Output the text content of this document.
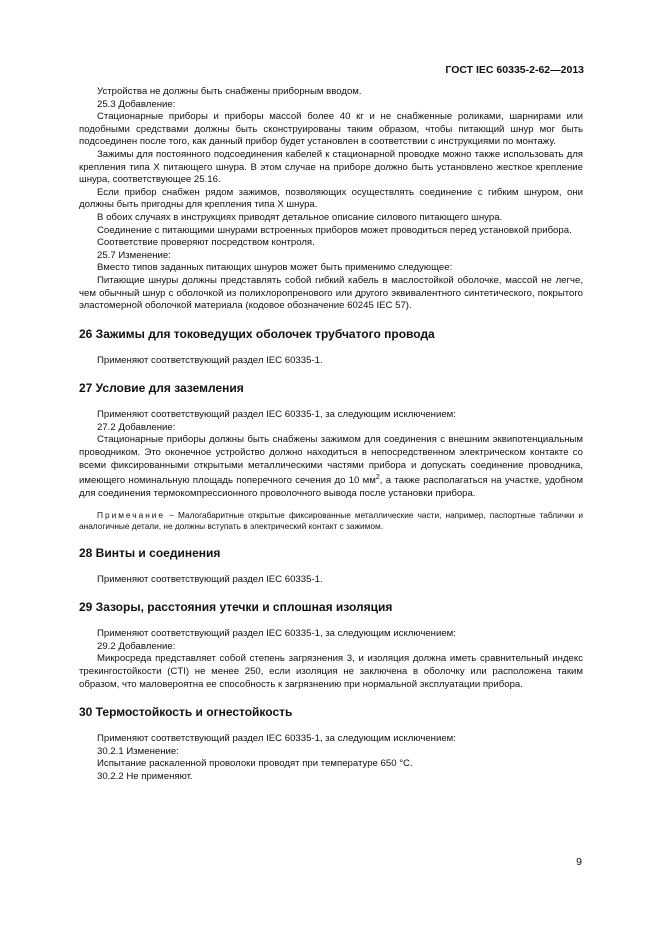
ГОСТ IEC 60335-2-62—2013

Устройства не должны быть снабжены приборным вводом.

25.3 Добавление:

Стационарные приборы и приборы массой более 40 кг и не снабженные роликами, шарнирами или подобными средствами должны быть сконструированы таким образом, чтобы питающий шнур мог быть подсоединен после того, как данный прибор будет установлен в соответствии с инструкциями по монтажу.

Зажимы для постоянного подсоединения кабелей к стационарной проводке можно также использовать для крепления типа X питающего шнура. В этом случае на приборе должно быть установлено жесткое крепление шнура, соответствующее 25.16.

Если прибор снабжен рядом зажимов, позволяющих осуществлять соединение с гибким шнуром, они должны быть пригодны для крепления типа X шнура.

В обоих случаях в инструкциях приводят детальное описание силового питающего шнура.

Соединение с питающими шнурами встроенных приборов может проводиться перед установкой прибора.

Соответствие проверяют посредством контроля.

25.7 Изменение:

Вместо типов заданных питающих шнуров может быть применимо следующее:

Питающие шнуры должны представлять собой гибкий кабель в маслостойкой оболочке, массой не легче, чем обычный шнур с оболочкой из полихлоропренового или другого эквивалентного синтетического, покрытого эластомерной оболочкой материала (кодовое обозначение 60245 IEC 57).

26 Зажимы для токоведущих оболочек трубчатого провода

Применяют соответствующий раздел IEC 60335-1.

27 Условие для заземления

Применяют соответствующий раздел IEC 60335-1, за следующим исключением:

27.2 Добавление:

Стационарные приборы должны быть снабжены зажимом для соединения с внешним эквипотенциальным проводником. Это оконечное устройство должно находиться в непосредственном электрическом контакте со всеми фиксированными открытыми металлическими частями прибора и допускать соединение проводника, имеющего номинальную площадь поперечного сечения до 10 $мм^2$, а также располагаться на участке, удобном для соединения термокомпрессионного проволочного вывода после установки прибора.

Примечание − Малогабаритные открытые фиксированные металлические части, например, паспортные таблички и аналогичные детали, не должны вступать в электрический контакт с зажимом.

28 Винты и соединения

Применяют соответствующий раздел IEC 60335-1.

29 Зазоры, расстояния утечки и сплошная изоляция

Применяют соответствующий раздел IEC 60335-1, за следующим исключением:

29.2 Добавление:

Микросреда представляет собой степень загрязнения 3, и изоляция должна иметь сравнительный индекс трекингостойкости (CTI) не менее 250, если изоляция не заключена в оболочку или расположена таким образом, что маловероятна ее способность к загрязнению при нормальной эксплуатации прибора.

30 Термостойкость и огнестойкость

Применяют соответствующий раздел IEC 60335-1, за следующим исключением:

30.2.1 Изменение:

Испытание раскаленной проволоки проводят при температуре 650 °С.

30.2.2 Не применяют.

9
